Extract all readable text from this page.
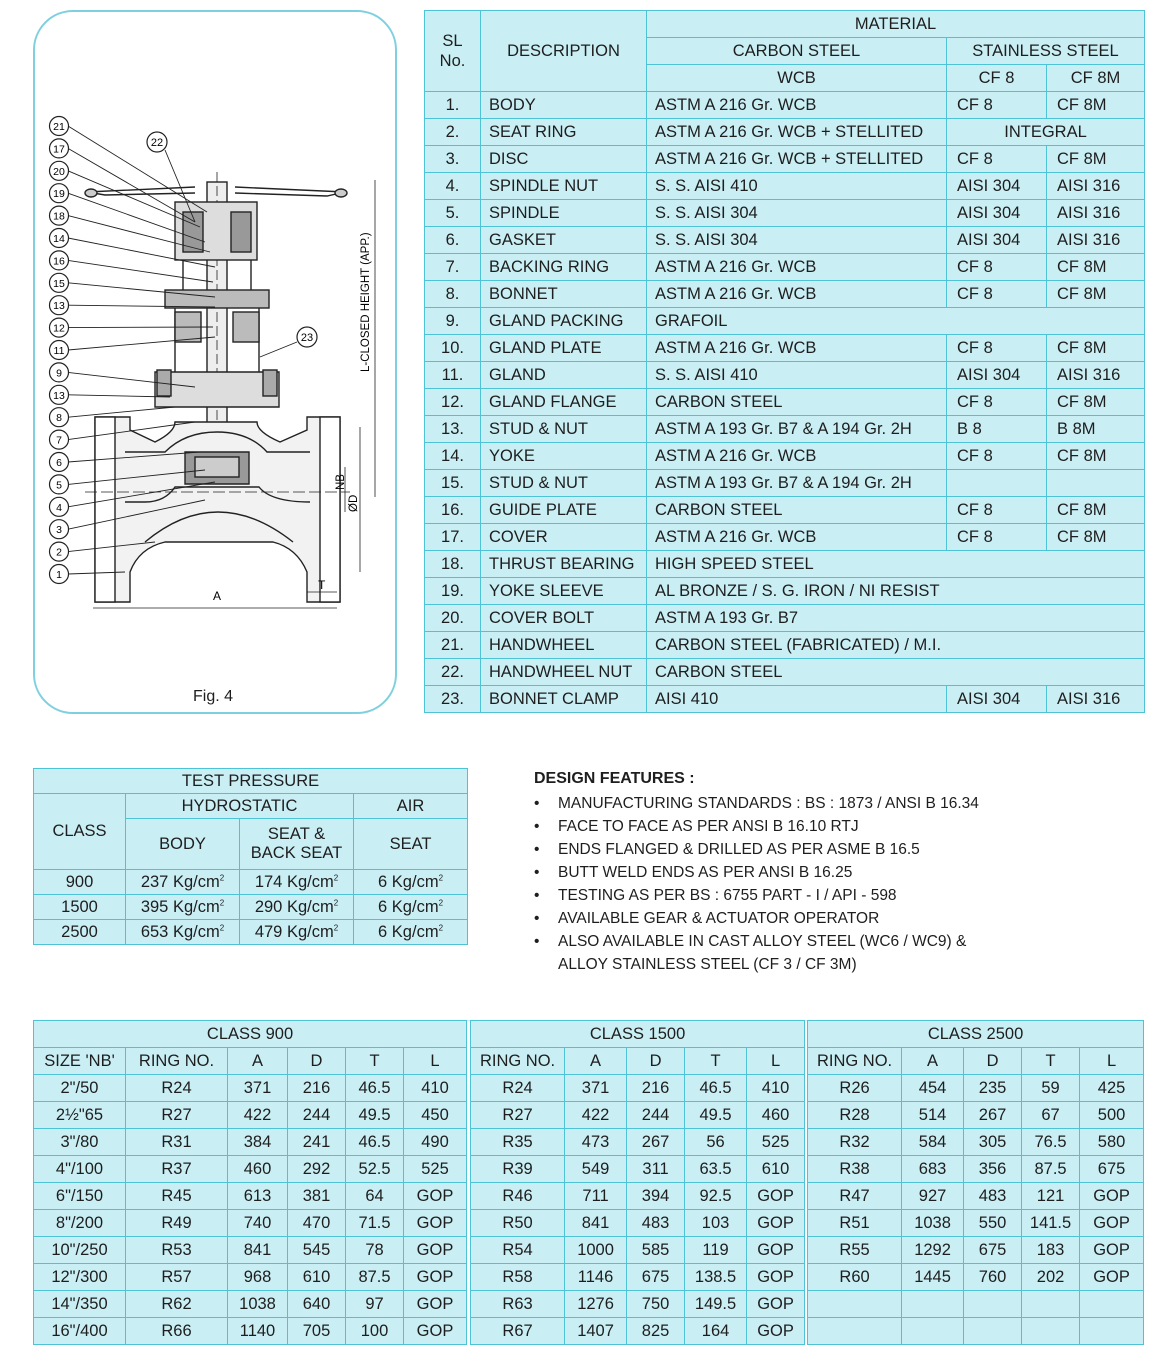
21
17
20
19
18
14
16
15
13
12
11
9
13
8
7
6
5
4
3
2
1
22
23	L-CLOSED HEIGHT (APP.)
NB
ØD
A
T
Fig. 4
SL
No.	DESCRIPTION	MATERIAL		
		CARBON STEEL	STAINLESS STEEL	
		WCB	CF 8	CF 8M
1.	BODY	ASTM A 216 Gr. WCB	CF 8	CF 8M
2.	SEAT RING	ASTM A 216 Gr. WCB + STELLITED	INTEGRAL	
3.	DISC	ASTM A 216 Gr. WCB + STELLITED	CF 8	CF 8M
4.	SPINDLE NUT	S. S. AISI 410	AISI 304	AISI 316
5.	SPINDLE	S. S. AISI 304	AISI 304	AISI 316
6.	GASKET	S. S. AISI 304	AISI 304	AISI 316
7.	BACKING RING	ASTM A 216 Gr. WCB	CF 8	CF 8M
8.	BONNET	ASTM A 216 Gr. WCB	CF 8	CF 8M
9.	GLAND PACKING	GRAFOIL		
10.	GLAND PLATE	ASTM A 216 Gr. WCB	CF 8	CF 8M
11.	GLAND	S. S. AISI 410	AISI 304	AISI 316
12.	GLAND FLANGE	CARBON STEEL	CF 8	CF 8M
13.	STUD & NUT	ASTM A 193 Gr. B7 & A 194 Gr. 2H	B 8	B 8M
14.	YOKE	ASTM A 216 Gr. WCB	CF 8	CF 8M
15.	STUD & NUT	ASTM A 193 Gr. B7 & A 194 Gr. 2H		
16.	GUIDE PLATE	CARBON STEEL	CF 8	CF 8M
17.	COVER	ASTM A 216 Gr. WCB	CF 8	CF 8M
18.	THRUST BEARING	HIGH SPEED STEEL		
19.	YOKE SLEEVE	AL BRONZE / S. G. IRON / NI RESIST		
20.	COVER BOLT	ASTM A 193 Gr. B7		
21.	HANDWHEEL	CARBON STEEL (FABRICATED) / M.I.		
22.	HANDWHEEL NUT	CARBON STEEL		
23.	BONNET CLAMP	AISI 410	AISI 304	AISI 316
TEST PRESSURE			
CLASS	HYDROSTATIC		AIR
	BODY	SEAT &
BACK SEAT	SEAT
900	237 $Kg/cm^2$	174 $Kg/cm^2$	6 $Kg/cm^2$
1500	395 $Kg/cm^2$	290 $Kg/cm^2$	6 $Kg/cm^2$
2500	653 $Kg/cm^2$	479 $Kg/cm^2$	6 $Kg/cm^2$
DESIGN FEATURES :
• MANUFACTURING STANDARDS : BS : 1873 / ANSI B 16.34
• FACE TO FACE AS PER ANSI B 16.10 RTJ
• ENDS FLANGED & DRILLED AS PER ASME B 16.5
• BUTT WELD ENDS AS PER ANSI B 16.25
• TESTING AS PER BS : 6755 PART - I / API - 598
• AVAILABLE GEAR & ACTUATOR OPERATOR
• ALSO AVAILABLE IN CAST ALLOY STEEL (WC6 / WC9) &
ALLOY STAINLESS STEEL (CF 3 / CF 3M)
CLASS 900							CLASS 1500						CLASS 2500				
SIZE 'NB'	RING NO.	A	D	T	L		RING NO.	A	D	T	L		RING NO.	A	D	T	L
2"/50	R24	371	216	46.5	410		R24	371	216	46.5	410		R26	454	235	59	425
2½"65	R27	422	244	49.5	450		R27	422	244	49.5	460		R28	514	267	67	500
3"/80	R31	384	241	46.5	490		R35	473	267	56	525		R32	584	305	76.5	580
4"/100	R37	460	292	52.5	525		R39	549	311	63.5	610		R38	683	356	87.5	675
6"/150	R45	613	381	64	GOP		R46	711	394	92.5	GOP		R47	927	483	121	GOP
8"/200	R49	740	470	71.5	GOP		R50	841	483	103	GOP		R51	1038	550	141.5	GOP
10"/250	R53	841	545	78	GOP		R54	1000	585	119	GOP		R55	1292	675	183	GOP
12"/300	R57	968	610	87.5	GOP		R58	1146	675	138.5	GOP		R60	1445	760	202	GOP
14"/350	R62	1038	640	97	GOP		R63	1276	750	149.5	GOP						
16"/400	R66	1140	705	100	GOP		R67	1407	825	164	GOP						
